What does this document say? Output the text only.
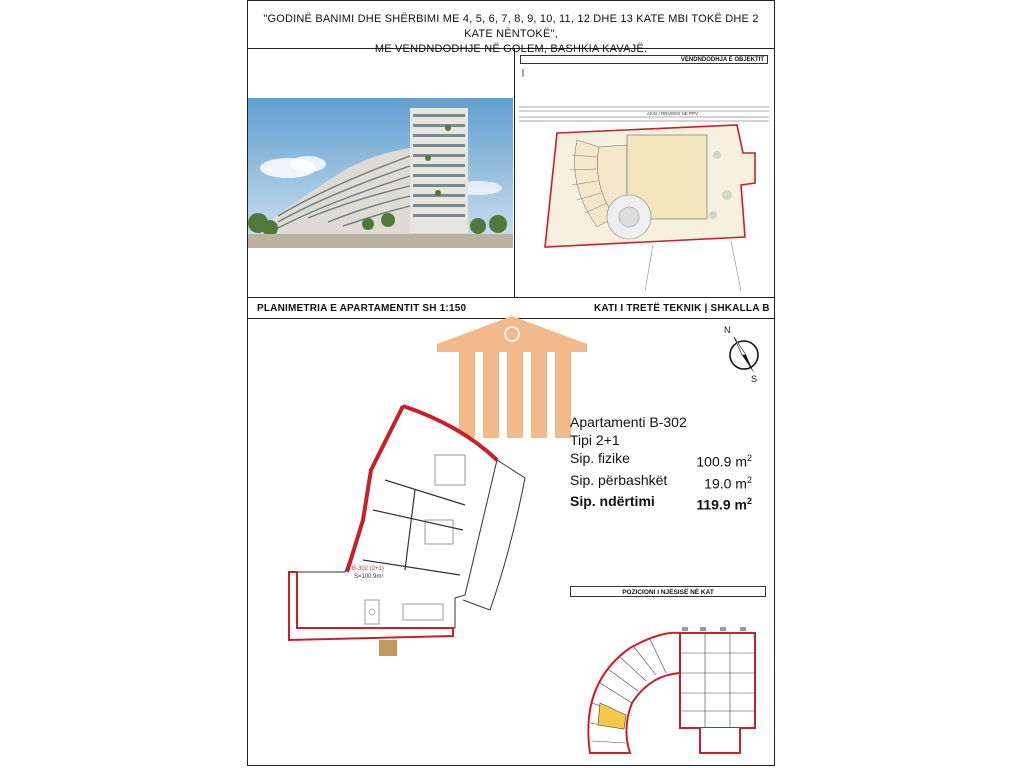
"GODINË BANIMI DHE SHËRBIMI ME 4, 5, 6, 7, 8, 9, 10, 11, 12 DHE 13 KATE MBI TOKË DHE 2 KATE NËNTOKË",
ME VENDNDODHJE NË GOLEM, BASHKIA KAVAJË.
AKSI I RRUGES NE PPV
VENDNDODHJA E OBJEKTIT
PLANIMETRIA E APARTAMENTIT SH 1:150	KATI I TRETË TEKNIK | SHKALLA B
B-302 (2+1)
S=100.9m²
N
S
Apartamenti B-302
Tipi 2+1
Sip. fizike	100.9 $m^2$
Sip. përbashkët	19.0 $m^2$
Sip. ndërtimi	119.9 $m^2$
POZICIONI I NJËSISË NË KAT
